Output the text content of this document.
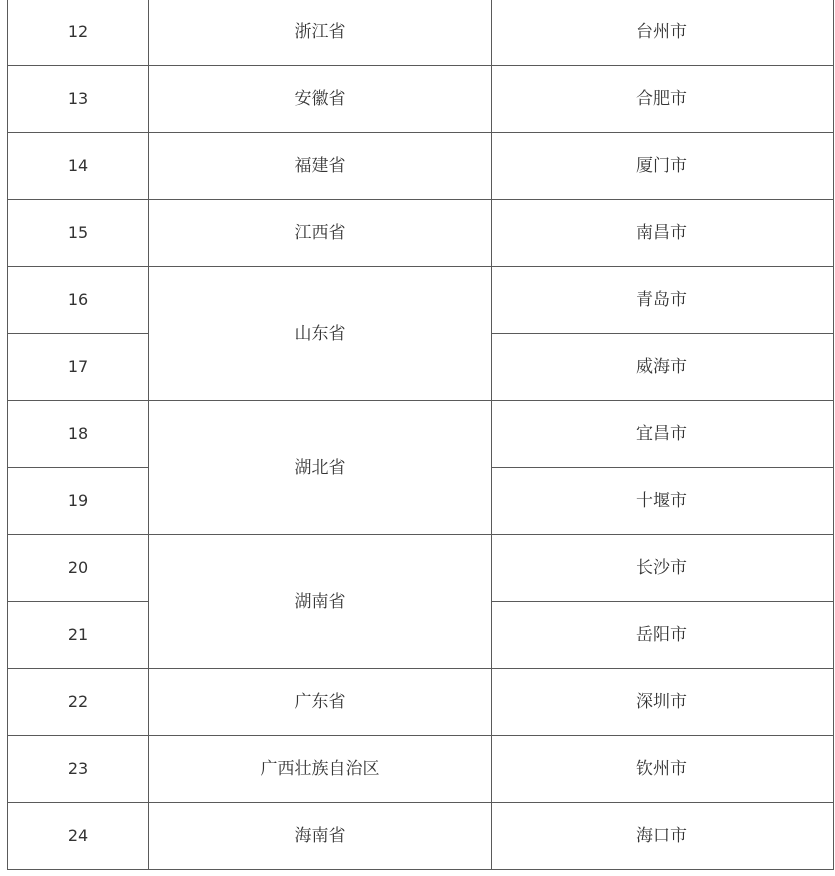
12	浙江省	台州市
13	安徽省	合肥市
14	福建省	厦门市
15	江西省	南昌市
16	山东省	青岛市
17		威海市
18	湖北省	宜昌市
19		十堰市
20	湖南省	长沙市
21		岳阳市
22	广东省	深圳市
23	广西壮族自治区	钦州市
24	海南省	海口市
